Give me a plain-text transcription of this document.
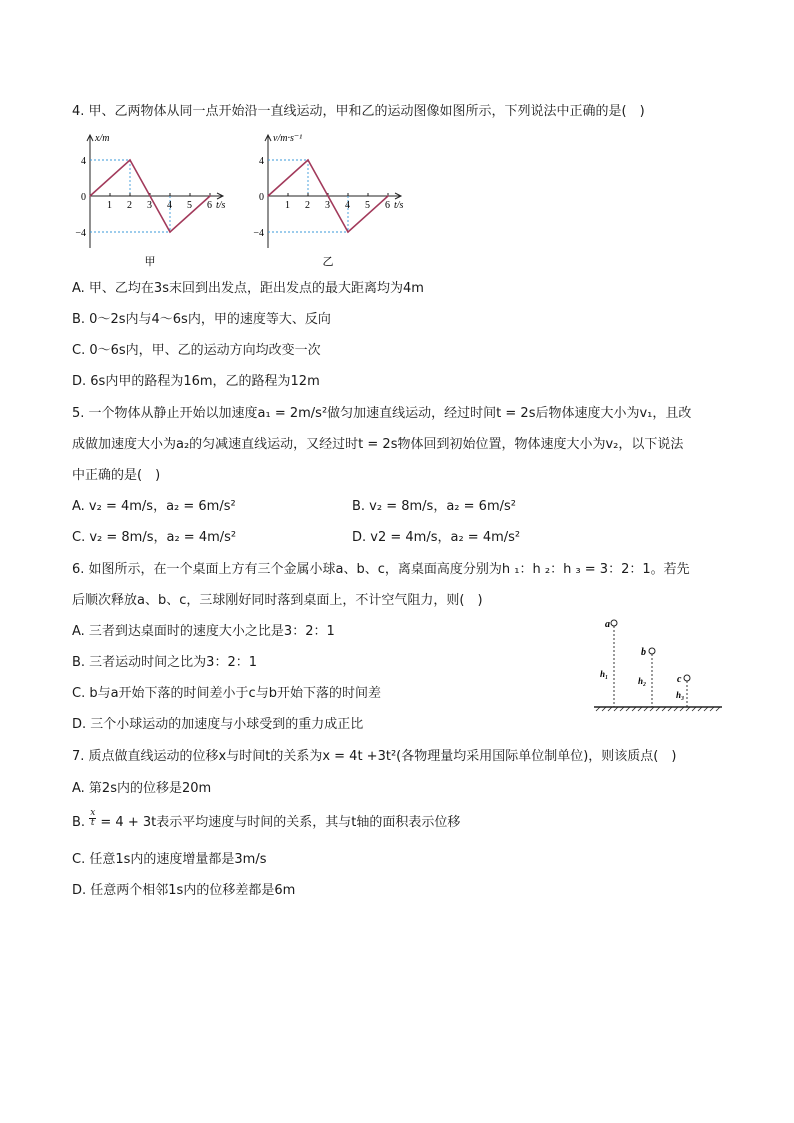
4. 甲、乙两物体从同一点开始沿一直线运动，甲和乙的运动图像如图所示，下列说法中正确的是(　)
1 2 3 4 5 6
4
0
−4
x/m
t/s
甲
1 2 3 4 5 6
4
0
−4
v/m·s⁻¹
t/s
乙
A. 甲、乙均在3s末回到出发点，距出发点的最大距离均为4m
B. 0～2s内与4～6s内，甲的速度等大、反向
C. 0～6s内，甲、乙的运动方向均改变一次
D. 6s内甲的路程为16m，乙的路程为12m
5. 一个物体从静止开始以加速度a₁ = 2m/s²做匀加速直线运动，经过时间t = 2s后物体速度大小为v₁，且改
成做加速度大小为a₂的匀减速直线运动，又经过时t = 2s物体回到初始位置，物体速度大小为v₂，以下说法
中正确的是(　)
A. v₂ = 4m/s，a₂ = 6m/s²	B. v₂ = 8m/s，a₂ = 6m/s²
C. v₂ = 8m/s，a₂ = 4m/s²	D. v2 = 4m/s，a₂ = 4m/s²
6. 如图所示，在一个桌面上方有三个金属小球a、b、c，离桌面高度分别为h ₁：h ₂：h ₃ = 3：2：1。若先
后顺次释放a、b、c，三球刚好同时落到桌面上，不计空气阻力，则(　)
A. 三者到达桌面时的速度大小之比是3：2：1
B. 三者运动时间之比为3：2：1
C. b与a开始下落的时间差小于c与b开始下落的时间差
D. 三个小球运动的加速度与小球受到的重力成正比
a
b
c
h₁
h₂
h₃
7. 质点做直线运动的位移x与时间t的关系为x = 4t +3t²(各物理量均采用国际单位制单位)，则该质点(　)
A. 第2s内的位移是20m
B. $\frac{x}{t} = 4 + 3t$表示平均速度与时间的关系，其与t轴的面积表示位移
C. 任意1s内的速度增量都是3m/s
D. 任意两个相邻1s内的位移差都是6m
